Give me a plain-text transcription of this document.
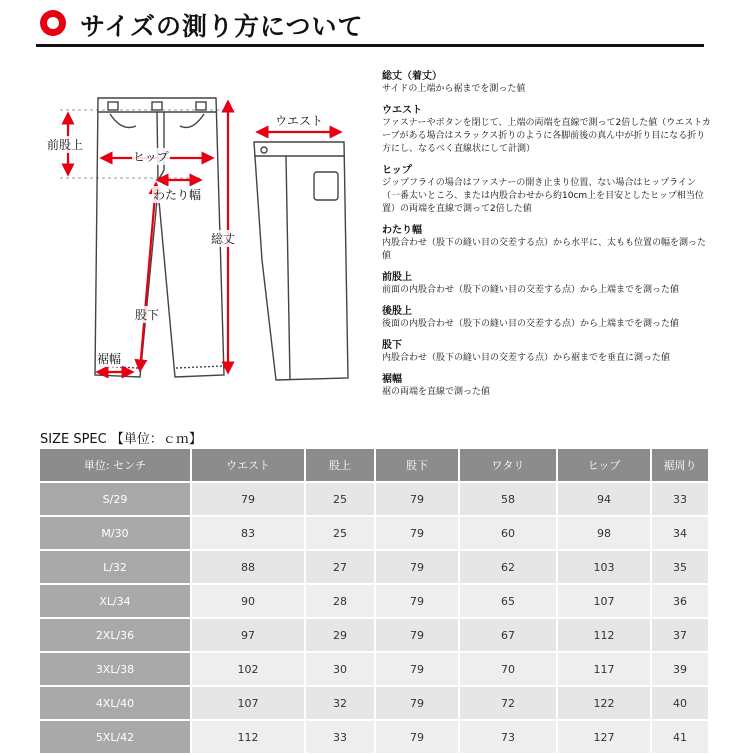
サイズの測り方について
前股上
ヒップ
わたり幅
総丈
股下
裾幅
ウエスト
総丈（着丈）
サイドの上端から裾までを測った値
ウエスト
ファスナーやボタンを閉じて、上端の両端を直線で測って2倍した値（ウエストカーブがある場合はスラックス折りのように各脚前後の真ん中が折り目になる折り方にし、なるべく直線状にして計測）
ヒップ
ジップフライの場合はファスナーの開き止まり位置、ない場合はヒップライン（一番太いところ、または内股合わせから約10cm上を目安としたヒップ相当位置）の両端を直線で測って2倍した値
わたり幅
内股合わせ（股下の縫い目の交差する点）から水平に、太もも位置の幅を測った値
前股上
前面の内股合わせ（股下の縫い目の交差する点）から上端までを測った値
後股上
後面の内股合わせ（股下の縫い目の交差する点）から上端までを測った値
股下
内股合わせ（股下の縫い目の交差する点）から裾までを垂直に測った値
裾幅
裾の両端を直線で測った値
SIZE SPEC 【単位：ｃｍ】
単位: センチ	ウエスト	股上	股下	ワタリ	ヒップ	裾周り
S/29	79	25	79	58	94	33
M/30	83	25	79	60	98	34
L/32	88	27	79	62	103	35
XL/34	90	28	79	65	107	36
2XL/36	97	29	79	67	112	37
3XL/38	102	30	79	70	117	39
4XL/40	107	32	79	72	122	40
5XL/42	112	33	79	73	127	41
